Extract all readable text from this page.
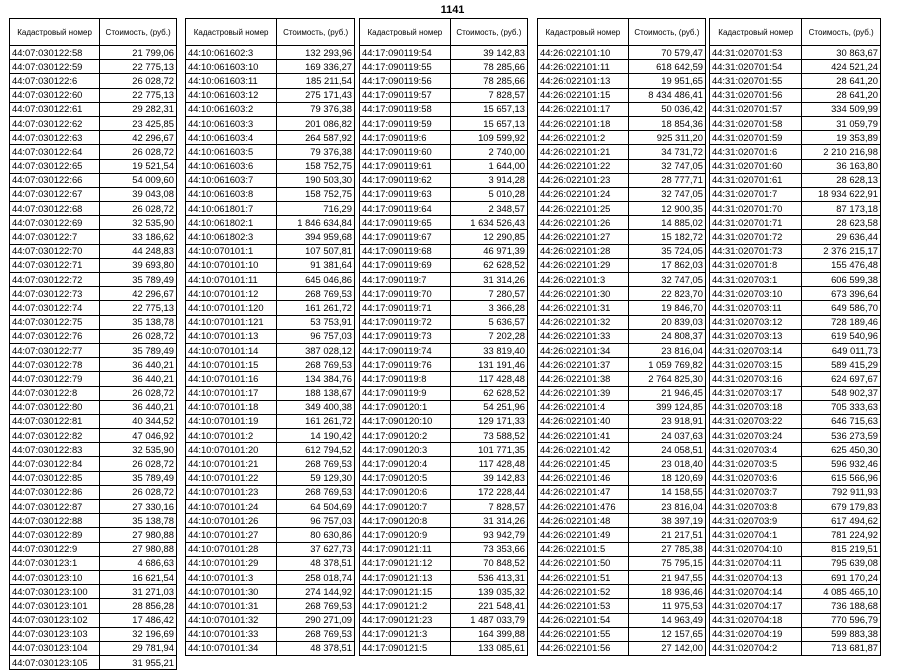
1141
Кадастровый номер	Стоимость, (руб.)
44:07:030122:58	21 799,06
44:07:030122:59	22 775,13
44:07:030122:6	26 028,72
44:07:030122:60	22 775,13
44:07:030122:61	29 282,31
44:07:030122:62	23 425,85
44:07:030122:63	42 296,67
44:07:030122:64	26 028,72
44:07:030122:65	19 521,54
44:07:030122:66	54 009,60
44:07:030122:67	39 043,08
44:07:030122:68	26 028,72
44:07:030122:69	32 535,90
44:07:030122:7	33 186,62
44:07:030122:70	44 248,83
44:07:030122:71	39 693,80
44:07:030122:72	35 789,49
44:07:030122:73	42 296,67
44:07:030122:74	22 775,13
44:07:030122:75	35 138,78
44:07:030122:76	26 028,72
44:07:030122:77	35 789,49
44:07:030122:78	36 440,21
44:07:030122:79	36 440,21
44:07:030122:8	26 028,72
44:07:030122:80	36 440,21
44:07:030122:81	40 344,52
44:07:030122:82	47 046,92
44:07:030122:83	32 535,90
44:07:030122:84	26 028,72
44:07:030122:85	35 789,49
44:07:030122:86	26 028,72
44:07:030122:87	27 330,16
44:07:030122:88	35 138,78
44:07:030122:89	27 980,88
44:07:030122:9	27 980,88
44:07:030123:1	4 686,63
44:07:030123:10	16 621,54
44:07:030123:100	31 271,03
44:07:030123:101	28 856,28
44:07:030123:102	17 486,42
44:07:030123:103	32 196,69
44:07:030123:104	29 781,94
44:07:030123:105	31 955,21
Кадастровый номер	Стоимость, (руб.)
44:10:061602:3	132 293,96
44:10:061603:10	169 336,27
44:10:061603:11	185 211,54
44:10:061603:12	275 171,43
44:10:061603:2	79 376,38
44:10:061603:3	201 086,82
44:10:061603:4	264 587,92
44:10:061603:5	79 376,38
44:10:061603:6	158 752,75
44:10:061603:7	190 503,30
44:10:061603:8	158 752,75
44:10:061801:7	716,29
44:10:061802:1	1 846 634,84
44:10:061802:3	394 959,68
44:10:070101:1	107 507,81
44:10:070101:10	91 381,64
44:10:070101:11	645 046,86
44:10:070101:12	268 769,53
44:10:070101:120	161 261,72
44:10:070101:121	53 753,91
44:10:070101:13	96 757,03
44:10:070101:14	387 028,12
44:10:070101:15	268 769,53
44:10:070101:16	134 384,76
44:10:070101:17	188 138,67
44:10:070101:18	349 400,38
44:10:070101:19	161 261,72
44:10:070101:2	14 190,42
44:10:070101:20	612 794,52
44:10:070101:21	268 769,53
44:10:070101:22	59 129,30
44:10:070101:23	268 769,53
44:10:070101:24	64 504,69
44:10:070101:26	96 757,03
44:10:070101:27	80 630,86
44:10:070101:28	37 627,73
44:10:070101:29	48 378,51
44:10:070101:3	258 018,74
44:10:070101:30	274 144,92
44:10:070101:31	268 769,53
44:10:070101:32	290 271,09
44:10:070101:33	268 769,53
44:10:070101:34	48 378,51
Кадастровый номер	Стоимость, (руб.)
44:17:090119:54	39 142,83
44:17:090119:55	78 285,66
44:17:090119:56	78 285,66
44:17:090119:57	7 828,57
44:17:090119:58	15 657,13
44:17:090119:59	15 657,13
44:17:090119:6	109 599,92
44:17:090119:60	2 740,00
44:17:090119:61	1 644,00
44:17:090119:62	3 914,28
44:17:090119:63	5 010,28
44:17:090119:64	2 348,57
44:17:090119:65	1 634 526,43
44:17:090119:67	12 290,85
44:17:090119:68	46 971,39
44:17:090119:69	62 628,52
44:17:090119:7	31 314,26
44:17:090119:70	7 280,57
44:17:090119:71	3 366,28
44:17:090119:72	5 636,57
44:17:090119:73	7 202,28
44:17:090119:74	33 819,40
44:17:090119:76	131 191,46
44:17:090119:8	117 428,48
44:17:090119:9	62 628,52
44:17:090120:1	54 251,96
44:17:090120:10	129 171,33
44:17:090120:2	73 588,52
44:17:090120:3	101 771,35
44:17:090120:4	117 428,48
44:17:090120:5	39 142,83
44:17:090120:6	172 228,44
44:17:090120:7	7 828,57
44:17:090120:8	31 314,26
44:17:090120:9	93 942,79
44:17:090121:11	73 353,66
44:17:090121:12	70 848,52
44:17:090121:13	536 413,31
44:17:090121:15	139 035,32
44:17:090121:2	221 548,41
44:17:090121:23	1 487 033,79
44:17:090121:3	164 399,88
44:17:090121:5	133 085,61
Кадастровый номер	Стоимость, (руб.)
44:26:022101:10	70 579,47
44:26:022101:11	618 642,59
44:26:022101:13	19 951,65
44:26:022101:15	8 434 486,41
44:26:022101:17	50 036,42
44:26:022101:18	18 854,36
44:26:022101:2	925 311,20
44:26:022101:21	34 731,72
44:26:022101:22	32 747,05
44:26:022101:23	28 777,71
44:26:022101:24	32 747,05
44:26:022101:25	12 900,35
44:26:022101:26	14 885,02
44:26:022101:27	15 182,72
44:26:022101:28	35 724,05
44:26:022101:29	17 862,03
44:26:022101:3	32 747,05
44:26:022101:30	22 823,70
44:26:022101:31	19 846,70
44:26:022101:32	20 839,03
44:26:022101:33	24 808,37
44:26:022101:34	23 816,04
44:26:022101:37	1 059 769,82
44:26:022101:38	2 764 825,30
44:26:022101:39	21 946,45
44:26:022101:4	399 124,85
44:26:022101:40	23 918,91
44:26:022101:41	24 037,63
44:26:022101:42	24 058,51
44:26:022101:45	23 018,40
44:26:022101:46	18 120,69
44:26:022101:47	14 158,55
44:26:022101:476	23 816,04
44:26:022101:48	38 397,19
44:26:022101:49	21 217,51
44:26:022101:5	27 785,38
44:26:022101:50	75 795,15
44:26:022101:51	21 947,55
44:26:022101:52	18 936,46
44:26:022101:53	11 975,53
44:26:022101:54	14 963,49
44:26:022101:55	12 157,65
44:26:022101:56	27 142,00
Кадастровый номер	Стоимость, (руб.)
44:31:020701:53	30 863,67
44:31:020701:54	424 521,24
44:31:020701:55	28 641,20
44:31:020701:56	28 641,20
44:31:020701:57	334 509,99
44:31:020701:58	31 059,79
44:31:020701:59	19 353,89
44:31:020701:6	2 210 216,98
44:31:020701:60	36 163,80
44:31:020701:61	28 628,13
44:31:020701:7	18 934 622,91
44:31:020701:70	87 173,18
44:31:020701:71	28 623,58
44:31:020701:72	29 636,44
44:31:020701:73	2 376 215,17
44:31:020701:8	155 476,48
44:31:020703:1	606 599,38
44:31:020703:10	673 396,64
44:31:020703:11	649 586,70
44:31:020703:12	728 189,46
44:31:020703:13	619 540,96
44:31:020703:14	649 011,73
44:31:020703:15	589 415,29
44:31:020703:16	624 697,67
44:31:020703:17	548 902,37
44:31:020703:18	705 333,63
44:31:020703:22	646 715,63
44:31:020703:24	536 273,59
44:31:020703:4	625 450,30
44:31:020703:5	596 932,46
44:31:020703:6	615 566,96
44:31:020703:7	792 911,93
44:31:020703:8	679 179,83
44:31:020703:9	617 494,62
44:31:020704:1	781 224,92
44:31:020704:10	815 219,51
44:31:020704:11	795 639,08
44:31:020704:13	691 170,24
44:31:020704:14	4 085 465,10
44:31:020704:17	736 188,68
44:31:020704:18	770 596,79
44:31:020704:19	599 883,38
44:31:020704:2	713 681,87
